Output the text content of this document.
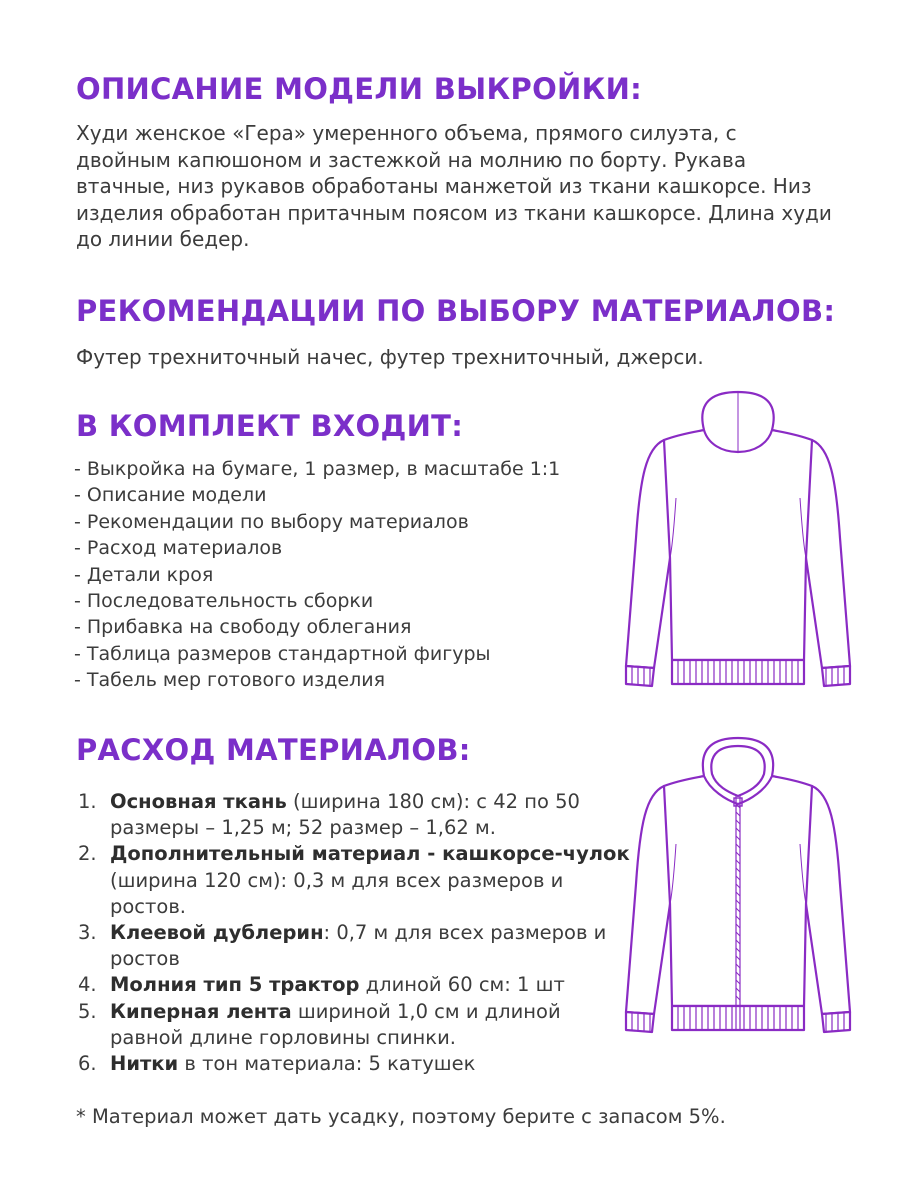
ОПИСАНИЕ МОДЕЛИ ВЫКРОЙКИ:

Худи женское «Гера» умеренного объема, прямого силуэта, с двойным капюшоном и застежкой на молнию по борту. Рукава втачные, низ рукавов обработаны манжетой из ткани кашкорсе. Низ изделия обработан притачным поясом из ткани кашкорсе. Длина худи до линии бедер.

РЕКОМЕНДАЦИИ ПО ВЫБОРУ МАТЕРИАЛОВ:

Футер трехниточный начес, футер трехниточный, джерси.

В КОМПЛЕКТ ВХОДИТ:
- Выкройка на бумаге, 1 размер, в масштабе 1:1
- Описание модели
- Рекомендации по выбору материалов
- Расход материалов
- Детали кроя
- Последовательность сборки
- Прибавка на свободу облегания
- Таблица размеров стандартной фигуры
- Табель мер готового изделия
РАСХОД МАТЕРИАЛОВ:
1. Основная ткань (ширина 180 см): с 42 по 50 размеры – 1,25 м; 52 размер – 1,62 м.
2. Дополнительный материал - кашкорсе-чулок (ширина 120 см): 0,3 м для всех размеров и ростов.
3. Клеевой дублерин: 0,7 м для всех размеров и ростов
4. Молния тип 5 трактор длиной 60 см: 1 шт
5. Киперная лента шириной 1,0 см и длиной равной длине горловины спинки.
6. Нитки в тон материала: 5 катушек

* Материал может дать усадку, поэтому берите с запасом 5%.
